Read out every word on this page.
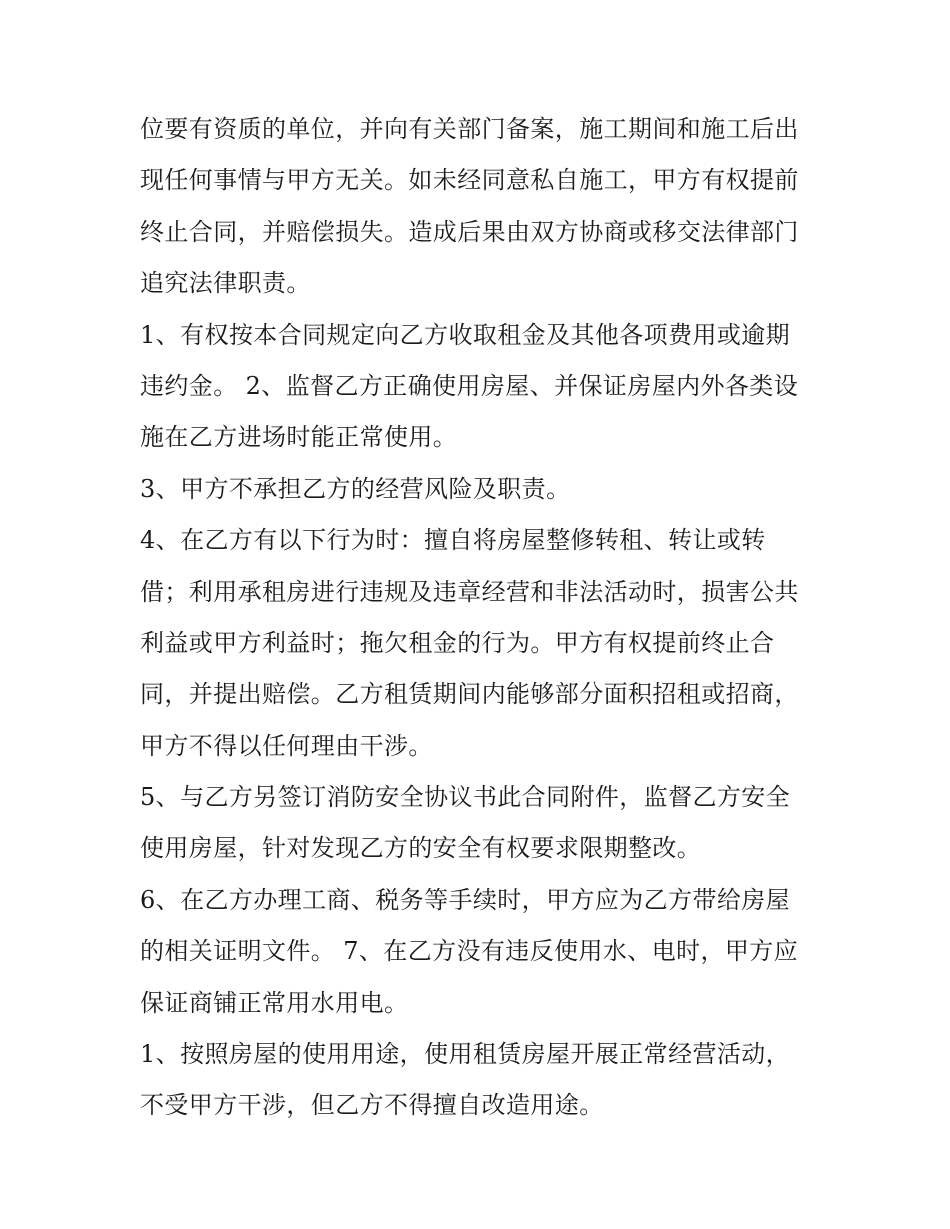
位要有资质的单位，并向有关部门备案，施工期间和施工后出
现任何事情与甲方无关。如未经同意私自施工，甲方有权提前
终止合同，并赔偿损失。造成后果由双方协商或移交法律部门
追究法律职责。
1、有权按本合同规定向乙方收取租金及其他各项费用或逾期
违约金。 2、监督乙方正确使用房屋、并保证房屋内外各类设
施在乙方进场时能正常使用。
3、甲方不承担乙方的经营风险及职责。
4、在乙方有以下行为时：擅自将房屋整修转租、转让或转
借；利用承租房进行违规及违章经营和非法活动时，损害公共
利益或甲方利益时；拖欠租金的行为。甲方有权提前终止合
同，并提出赔偿。乙方租赁期间内能够部分面积招租或招商，
甲方不得以任何理由干涉。
5、与乙方另签订消防安全协议书此合同附件，监督乙方安全
使用房屋，针对发现乙方的安全有权要求限期整改。
6、在乙方办理工商、税务等手续时，甲方应为乙方带给房屋
的相关证明文件。 7、在乙方没有违反使用水、电时，甲方应
保证商铺正常用水用电。
1、按照房屋的使用用途，使用租赁房屋开展正常经营活动，
不受甲方干涉，但乙方不得擅自改造用途。
